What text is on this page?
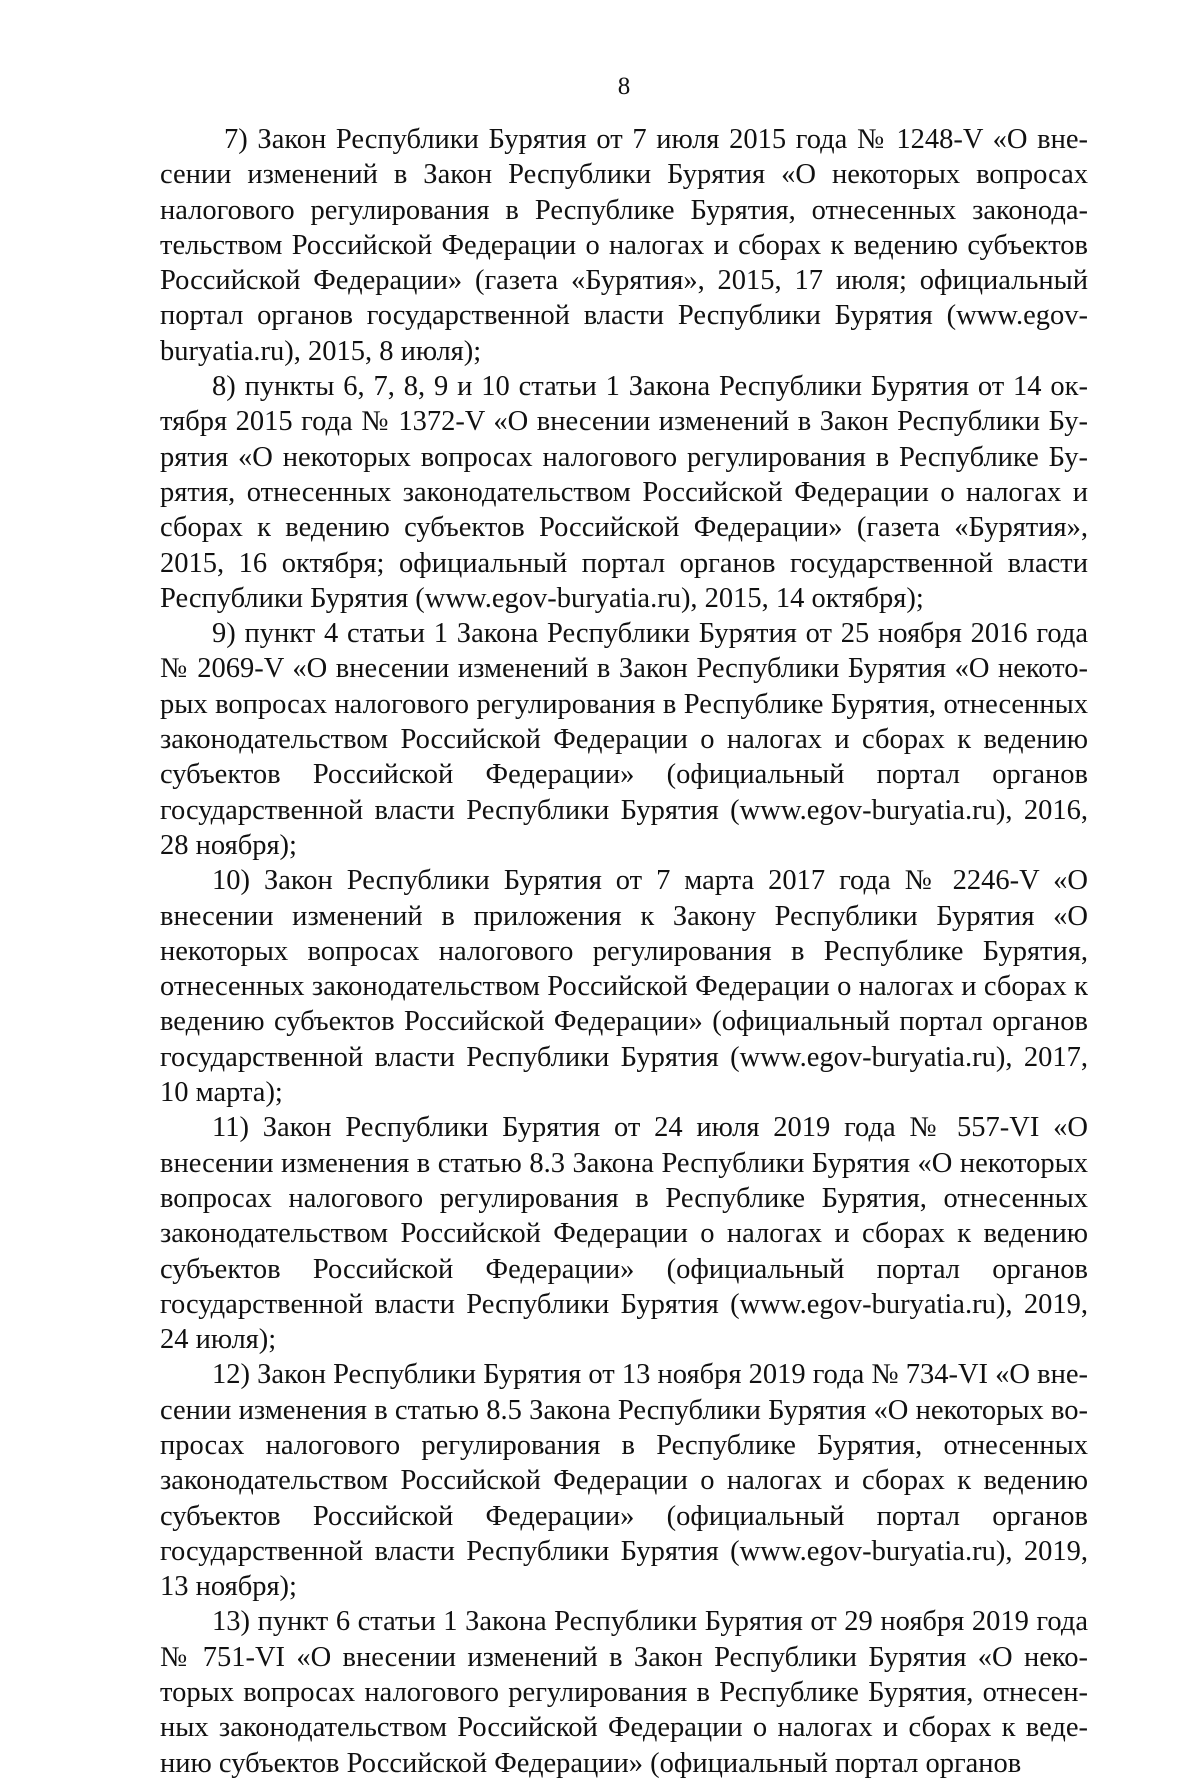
8

7) Закон Республики Бурятия от 7 июля 2015 года № 1248-V «О внесении изменений в Закон Республики Бурятия «О некоторых вопросах налогового регулирования в Республике Бурятия, отнесенных законодательством Российской Федерации о налогах и сборах к ведению субъектов Российской Федерации» (газета «Бурятия», 2015, 17 июля; официальный портал органов государственной власти Республики Бурятия (www.egov-buryatia.ru), 2015, 8 июля);

8) пункты 6, 7, 8, 9 и 10 статьи 1 Закона Республики Бурятия от 14 октября 2015 года № 1372-V «О внесении изменений в Закон Республики Бурятия «О некоторых вопросах налогового регулирования в Республике Бурятия, отнесенных законодательством Российской Федерации о налогах и сборах к ведению субъектов Российской Федерации» (газета «Бурятия», 2015, 16 октября; официальный портал органов государственной власти Республики Бурятия (www.egov-buryatia.ru), 2015, 14 октября);

9) пункт 4 статьи 1 Закона Республики Бурятия от 25 ноября 2016 года № 2069-V «О внесении изменений в Закон Республики Бурятия «О некоторых вопросах налогового регулирования в Республике Бурятия, отнесенных законодательством Российской Федерации о налогах и сборах к ведению субъектов Российской Федерации» (официальный портал органов государственной власти Республики Бурятия (www.egov-buryatia.ru), 2016, 28 ноября);

10) Закон Республики Бурятия от 7 марта 2017 года № 2246-V «О внесении изменений в приложения к Закону Республики Бурятия «О некоторых вопросах налогового регулирования в Республике Бурятия, отнесенных законодательством Российской Федерации о налогах и сборах к ведению субъектов Российской Федерации» (официальный портал органов государственной власти Республики Бурятия (www.egov-buryatia.ru), 2017, 10 марта);

11) Закон Республики Бурятия от 24 июля 2019 года № 557-VI «О внесении изменения в статью 8.3 Закона Республики Бурятия «О некоторых вопросах налогового регулирования в Республике Бурятия, отнесенных законодательством Российской Федерации о налогах и сборах к ведению субъектов Российской Федерации» (официальный портал органов государственной власти Республики Бурятия (www.egov-buryatia.ru), 2019, 24 июля);

12) Закон Республики Бурятия от 13 ноября 2019 года № 734-VI «О внесении изменения в статью 8.5 Закона Республики Бурятия «О некоторых вопросах налогового регулирования в Республике Бурятия, отнесенных законодательством Российской Федерации о налогах и сборах к ведению субъектов Российской Федерации» (официальный портал органов государственной власти Республики Бурятия (www.egov-buryatia.ru), 2019, 13 ноября);

13) пункт 6 статьи 1 Закона Республики Бурятия от 29 ноября 2019 года № 751-VI «О внесении изменений в Закон Республики Бурятия «О некоторых вопросах налогового регулирования в Республике Бурятия, отнесенных законодательством Российской Федерации о налогах и сборах к ведению субъектов Российской Федерации» (официальный портал органов
